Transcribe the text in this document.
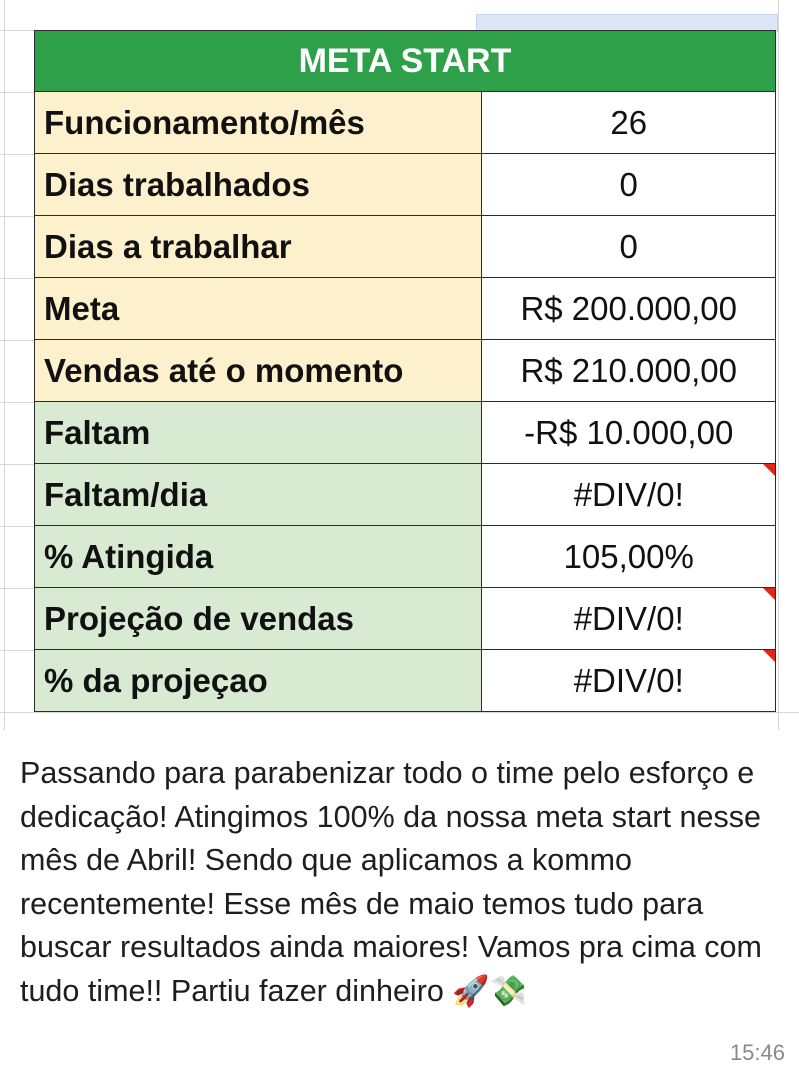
META START	
Funcionamento/mês	26
Dias trabalhados	0
Dias a trabalhar	0
Meta	R$ 200.000,00
Vendas até o momento	R$ 210.000,00
Faltam	-R$ 10.000,00
Faltam/dia	#DIV/0!

% Atingida	105,00%
Projeção de vendas	#DIV/0!

% da projeçao	#DIV/0!
Passando para parabenizar todo o time pelo esforço e dedicação! Atingimos 100% da nossa meta start nesse mês de Abril! Sendo que aplicamos a kommo recentemente! Esse mês de maio temos tudo para buscar resultados ainda maiores! Vamos pra cima com tudo time!! Partiu fazer dinheiro 🚀💸
15:46
